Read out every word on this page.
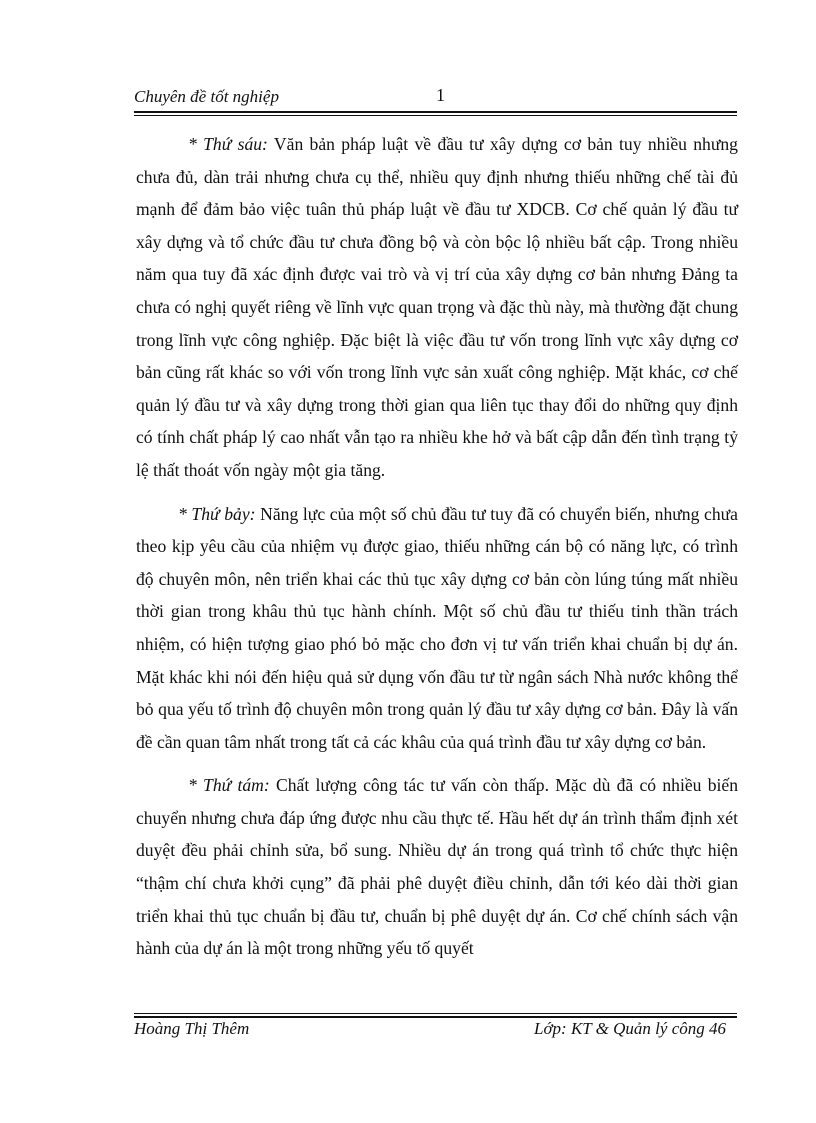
Chuyên đề tốt nghiệp	1

* Thứ sáu: Văn bản pháp luật về đầu tư xây dựng cơ bản tuy nhiều nhưng chưa đủ, dàn trải nhưng chưa cụ thể, nhiều quy định nhưng thiếu những chế tài đủ mạnh để đảm bảo việc tuân thủ pháp luật về đầu tư XDCB. Cơ chế quản lý đầu tư xây dựng và tổ chức đầu tư chưa đồng bộ và còn bộc lộ nhiều bất cập. Trong nhiều năm qua tuy đã xác định được vai trò và vị trí của xây dựng cơ bản nhưng Đảng ta chưa có nghị quyết riêng về lĩnh vực quan trọng và đặc thù này, mà thường đặt chung trong lĩnh vực công nghiệp. Đặc biệt là việc đầu tư vốn trong lĩnh vực xây dựng cơ bản cũng rất khác so với vốn trong lĩnh vực sản xuất công nghiệp. Mặt khác, cơ chế quản lý đầu tư và xây dựng trong thời gian qua liên tục thay đổi do những quy định có tính chất pháp lý cao nhất vẫn tạo ra nhiều khe hở và bất cập dẫn đến tình trạng tỷ lệ thất thoát vốn ngày một gia tăng.

* Thứ bảy: Năng lực của một số chủ đầu tư tuy đã có chuyển biến, nhưng chưa theo kịp yêu cầu của nhiệm vụ được giao, thiếu những cán bộ có năng lực, có trình độ chuyên môn, nên triển khai các thủ tục xây dựng cơ bản còn lúng túng mất nhiều thời gian trong khâu thủ tục hành chính. Một số chủ đầu tư thiếu tinh thần trách nhiệm, có hiện tượng giao phó bỏ mặc cho đơn vị tư vấn triển khai chuẩn bị dự án. Mặt khác khi nói đến hiệu quả sử dụng vốn đầu tư từ ngân sách Nhà nước không thể bỏ qua yếu tố trình độ chuyên môn trong quản lý đầu tư xây dựng cơ bản. Đây là vấn đề cần quan tâm nhất trong tất cả các khâu của quá trình đầu tư xây dựng cơ bản.

* Thứ tám: Chất lượng công tác tư vấn còn thấp. Mặc dù đã có nhiều biến chuyển nhưng chưa đáp ứng được nhu cầu thực tế. Hầu hết dự án trình thẩm định xét duyệt đều phải chỉnh sửa, bổ sung. Nhiều dự án trong quá trình tổ chức thực hiện “thậm chí chưa khởi cụng” đã phải phê duyệt điều chỉnh, dẫn tới kéo dài thời gian triển khai thủ tục chuẩn bị đầu tư, chuẩn bị phê duyệt dự án. Cơ chế chính sách vận hành của dự án là một trong những yếu tố quyết

Hoàng Thị Thêm	Lớp: KT & Quản lý công 46
